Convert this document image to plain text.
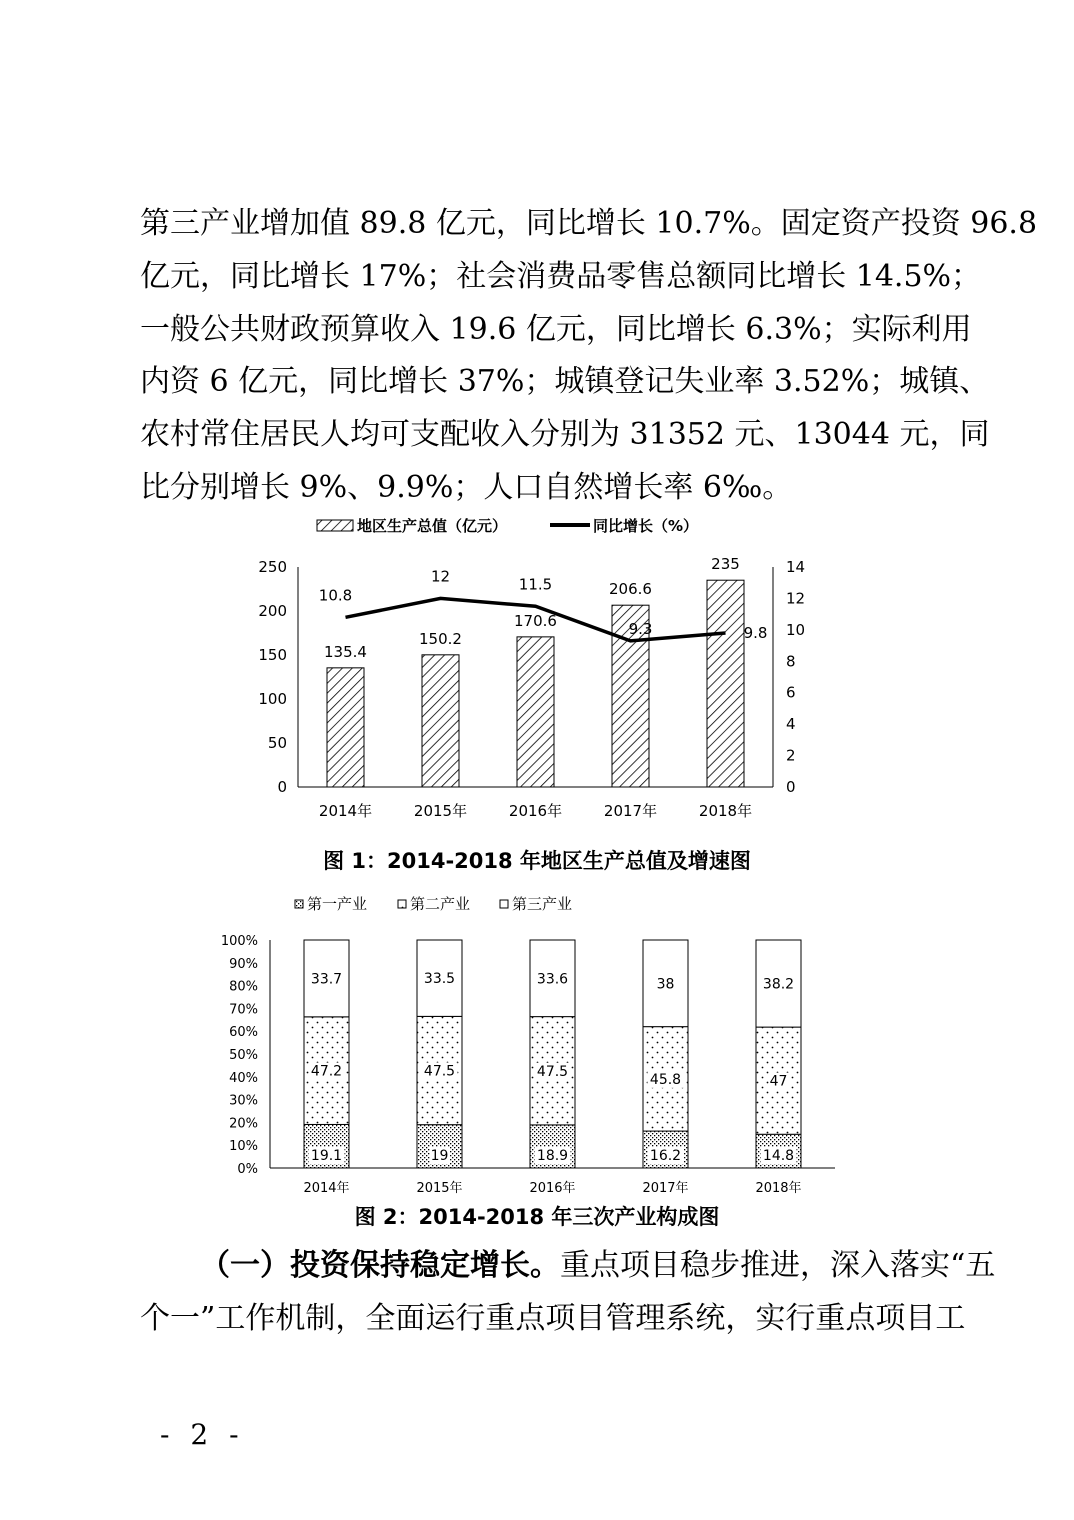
第三产业增加值 89.8 亿元，同比增长 10.7%。固定资产投资 96.8
亿元，同比增长 17%；社会消费品零售总额同比增长 14.5%；
一般公共财政预算收入 19.6 亿元，同比增长 6.3%；实际利用
内资 6 亿元，同比增长 37%；城镇登记失业率 3.52%；城镇、
农村常住居民人均可支配收入分别为 31352 元、13044 元，同
比分别增长 9%、9.9%；人口自然增长率 6‰。
地区生产总值（亿元）	同比增长（%）
0
50
100
150
200
250
0
2
4
6
8
10
12
14
135.4
2014年
150.2
2015年
170.6
2016年
206.6
2017年
235
2018年
10.8
12	11.5
9.3	9.8
图 1：2014-2018 年地区生产总值及增速图
第一产业	第二产业	第三产业
0%
10%
20%
30%
40%
50%
60%
70%
80%
90%
100%
19.1
47.2
33.7
2014年
19
47.5
33.5
2015年
18.9
47.5
33.6
2016年
16.2
45.8
38
2017年
14.8
47
38.2
2018年
图 2：2014-2018 年三次产业构成图
（一）投资保持稳定增长。重点项目稳步推进，深入落实“五
个一”工作机制，全面运行重点项目管理系统，实行重点项目工
- 2 -
